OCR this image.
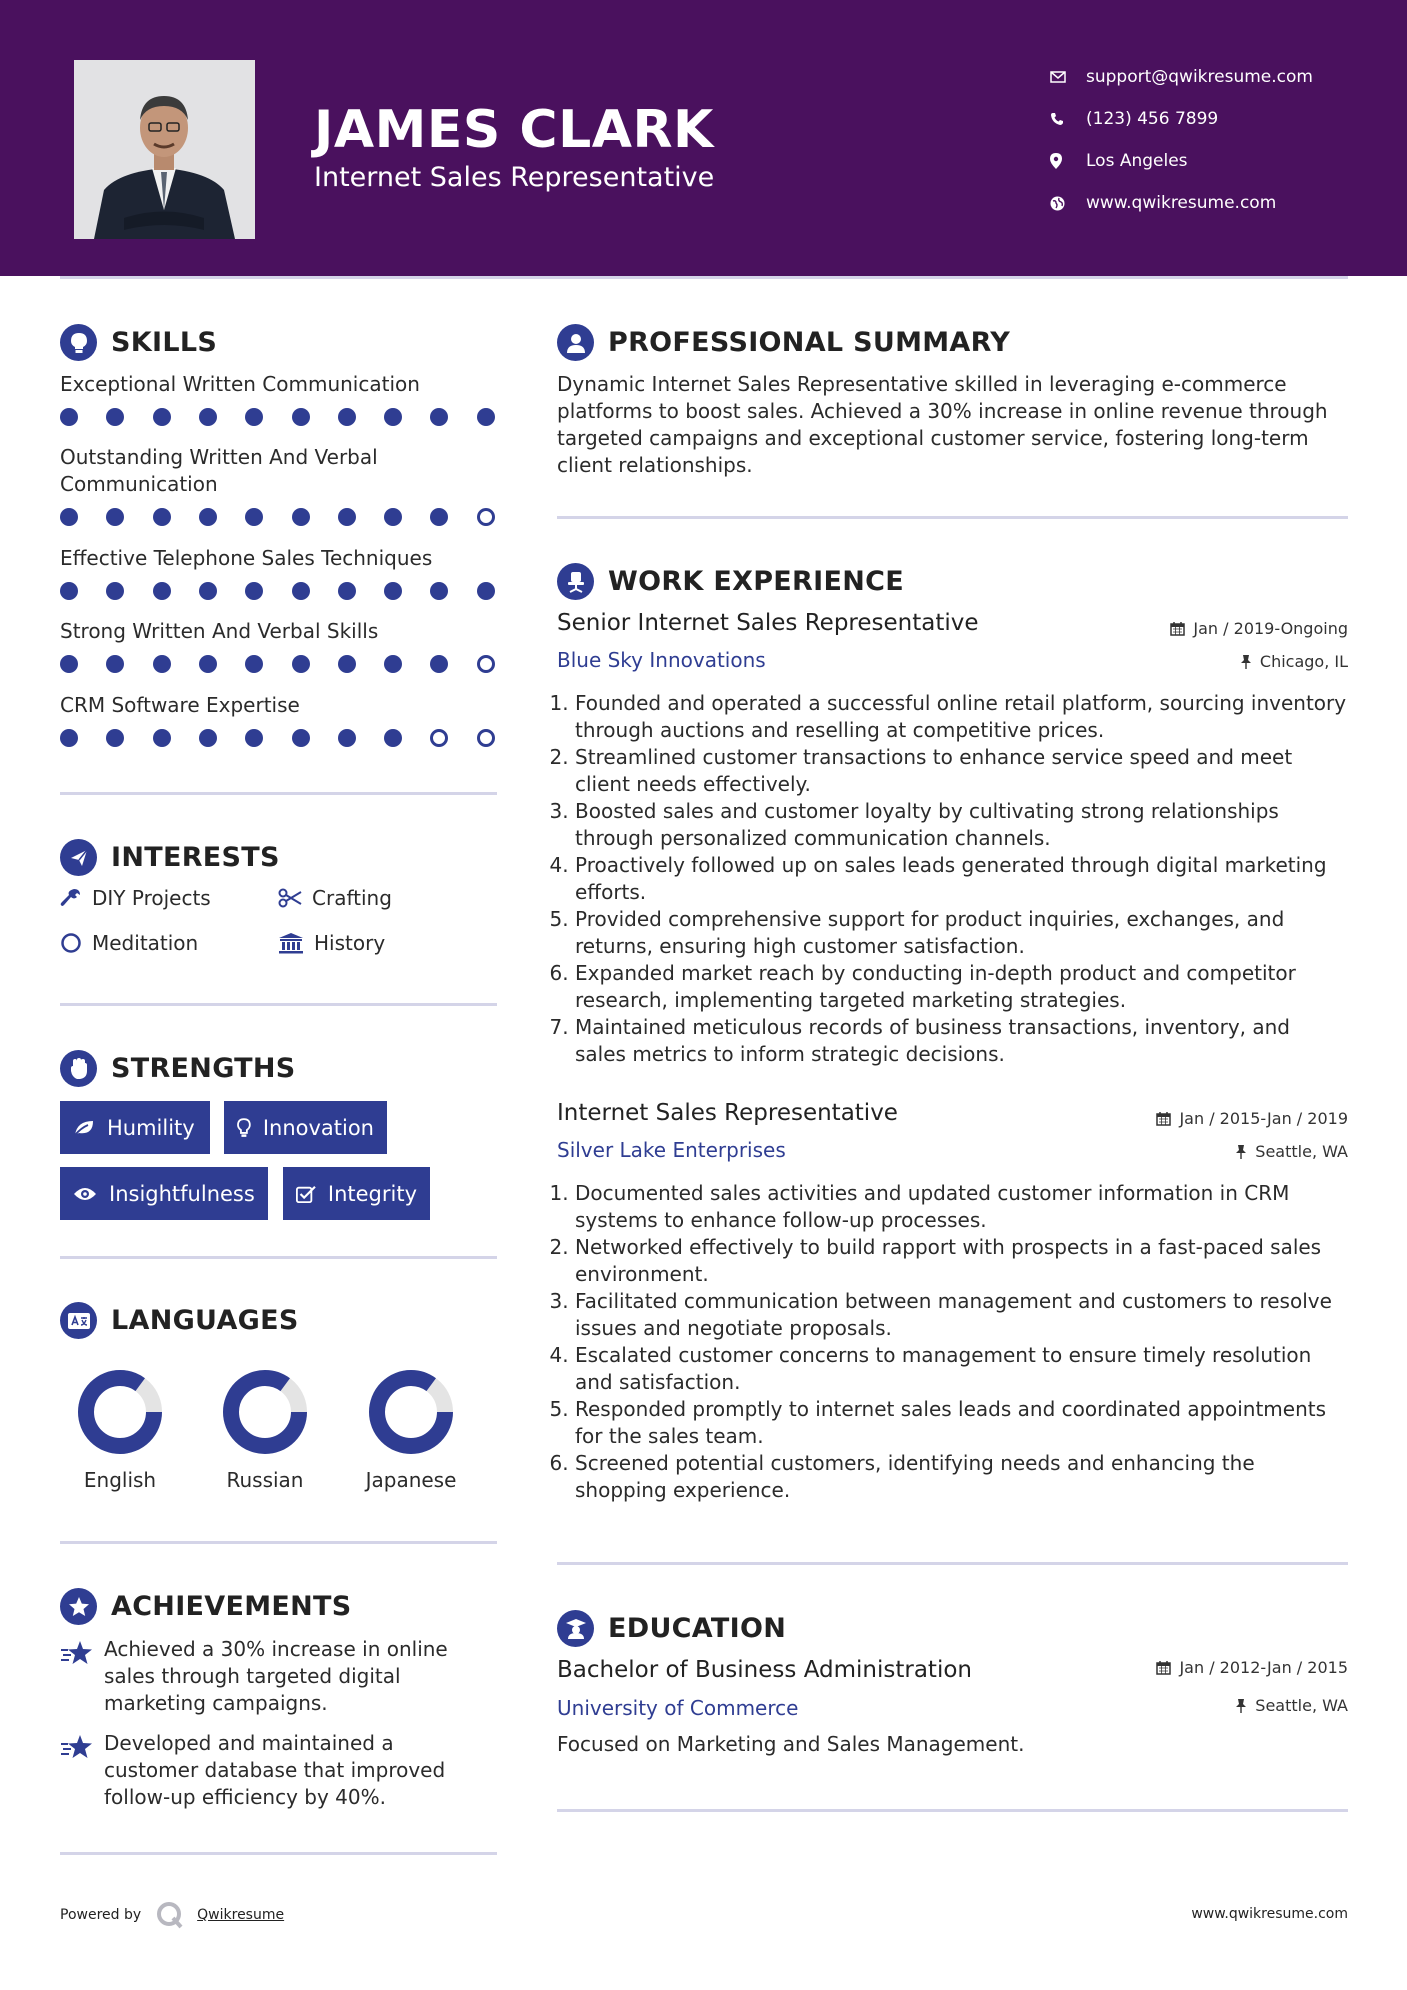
JAMES CLARK
Internet Sales Representative
support@qwikresume.com
(123) 456 7899
Los Angeles
www.qwikresume.com
SKILLS
Exceptional Written Communication
Outstanding Written And Verbal Communication
Effective Telephone Sales Techniques
Strong Written And Verbal Skills
CRM Software Expertise
INTERESTS
DIY Projects	Crafting
Meditation	History
STRENGTHS
Humility	Innovation
Insightfulness	Integrity
LANGUAGES
English	Russian	Japanese
ACHIEVEMENTS
Achieved a 30% increase in online sales through targeted digital marketing campaigns.
Developed and maintained a customer database that improved follow-up efficiency by 40%.
PROFESSIONAL SUMMARY
Dynamic Internet Sales Representative skilled in leveraging e-commerce platforms to boost sales. Achieved a 30% increase in online revenue through targeted campaigns and exceptional customer service, fostering long-term client relationships.
WORK EXPERIENCE
Senior Internet Sales Representative	Jan / 2019-Ongoing
Blue Sky Innovations	Chicago, IL
1. Founded and operated a successful online retail platform, sourcing inventory through auctions and reselling at competitive prices.
2. Streamlined customer transactions to enhance service speed and meet client needs effectively.
3. Boosted sales and customer loyalty by cultivating strong relationships through personalized communication channels.
4. Proactively followed up on sales leads generated through digital marketing efforts.
5. Provided comprehensive support for product inquiries, exchanges, and returns, ensuring high customer satisfaction.
6. Expanded market reach by conducting in-depth product and competitor research, implementing targeted marketing strategies.
7. Maintained meticulous records of business transactions, inventory, and sales metrics to inform strategic decisions.
Internet Sales Representative	Jan / 2015-Jan / 2019
Silver Lake Enterprises	Seattle, WA
1. Documented sales activities and updated customer information in CRM systems to enhance follow-up processes.
2. Networked effectively to build rapport with prospects in a fast-paced sales environment.
3. Facilitated communication between management and customers to resolve issues and negotiate proposals.
4. Escalated customer concerns to management to ensure timely resolution and satisfaction.
5. Responded promptly to internet sales leads and coordinated appointments for the sales team.
6. Screened potential customers, identifying needs and enhancing the shopping experience.
EDUCATION
Bachelor of Business Administration	Jan / 2012-Jan / 2015
University of Commerce	Seattle, WA
Focused on Marketing and Sales Management.
Powered by	Qwikresume	www.qwikresume.com
